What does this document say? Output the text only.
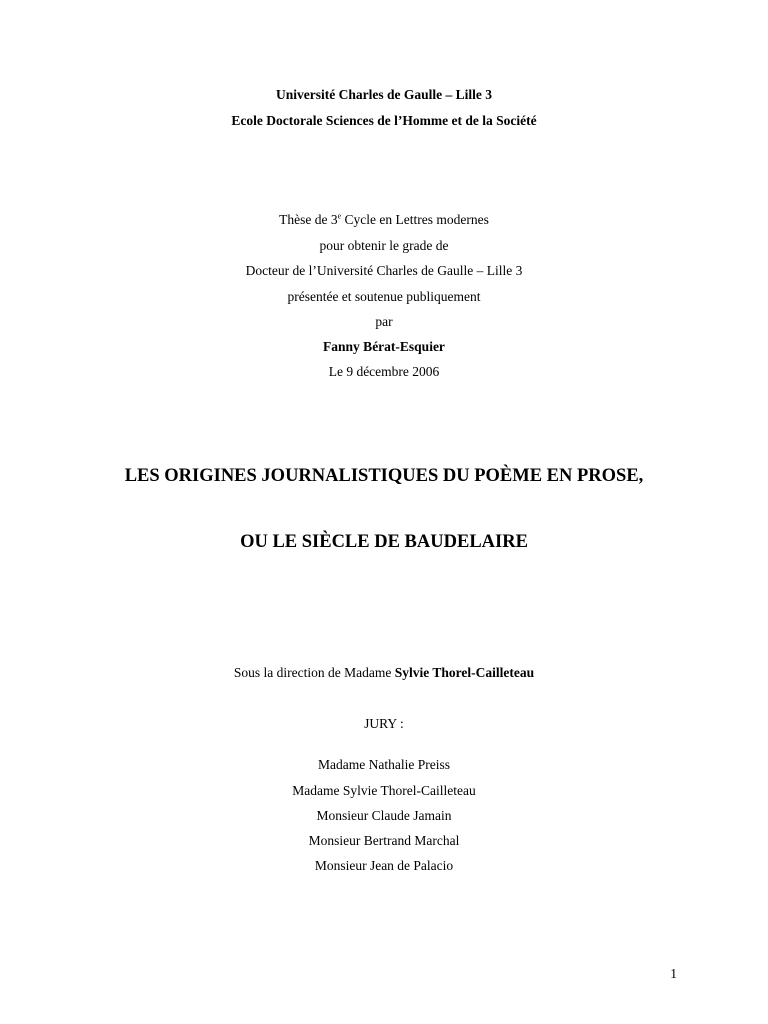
Université Charles de Gaulle – Lille 3
Ecole Doctorale Sciences de l’Homme et de la Société
Thèse de 3e Cycle en Lettres modernes
pour obtenir le grade de
Docteur de l’Université Charles de Gaulle – Lille 3
présentée et soutenue publiquement
par
Fanny Bérat-Esquier
Le 9 décembre 2006
LES ORIGINES JOURNALISTIQUES DU POÈME EN PROSE,
OU LE SIÈCLE DE BAUDELAIRE
Sous la direction de Madame Sylvie Thorel-Cailleteau
JURY :
Madame Nathalie Preiss
Madame Sylvie Thorel-Cailleteau
Monsieur Claude Jamain
Monsieur Bertrand Marchal
Monsieur Jean de Palacio
1
